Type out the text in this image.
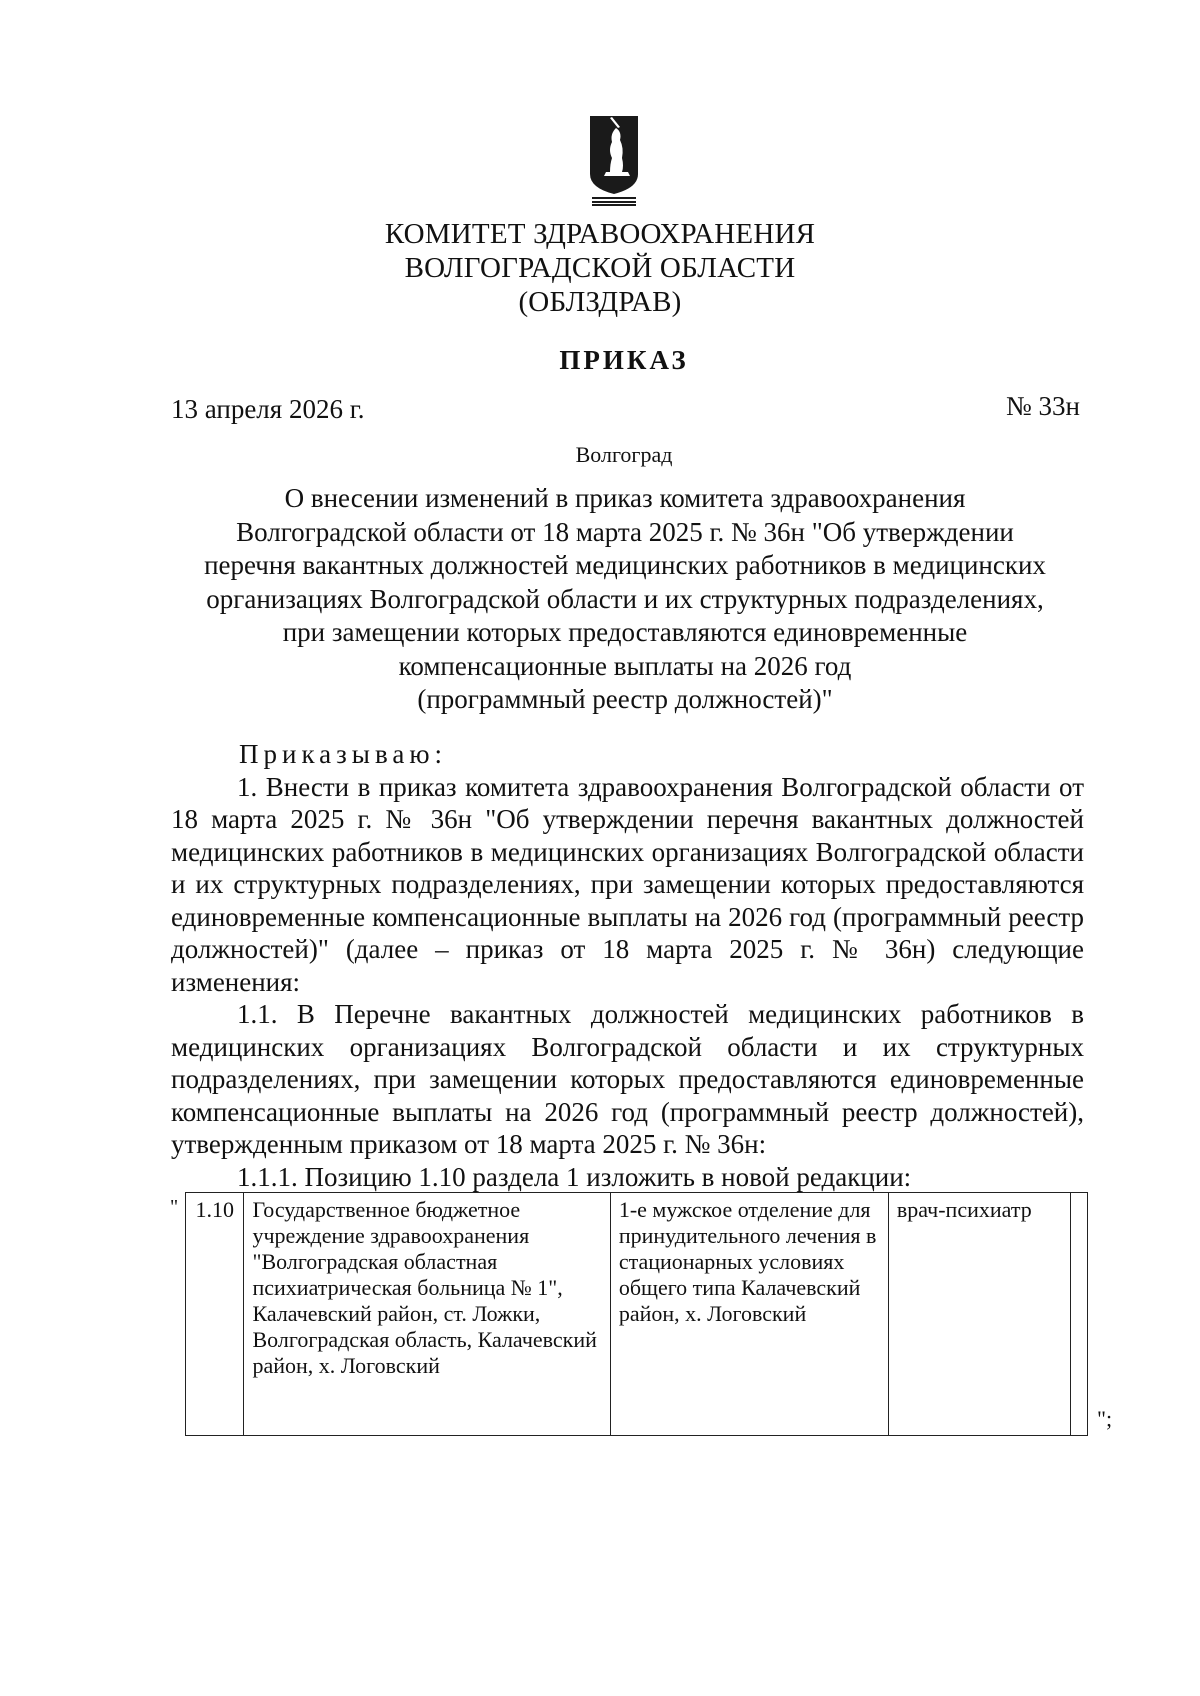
КОМИТЕТ ЗДРАВООХРАНЕНИЯ
ВОЛГОГРАДСКОЙ ОБЛАСТИ
(ОБЛЗДРАВ)
ПРИКАЗ
13 апреля 2026 г.	№ 33н
Волгоград
О внесении изменений в приказ комитета здравоохранения
Волгоградской области от 18 марта 2025 г. № 36н "Об утверждении
перечня вакантных должностей медицинских работников в медицинских
организациях Волгоградской области и их структурных подразделениях,
при замещении которых предоставляются единовременные
компенсационные выплаты на 2026 год
(программный реестр должностей)"

Приказываю:

1. Внести в приказ комитета здравоохранения Волгоградской области от 18 марта 2025 г. № 36н "Об утверждении перечня вакантных должностей медицинских работников в медицинских организациях Волгоградской области и их структурных подразделениях, при замещении которых предоставляются единовременные компенсационные выплаты на 2026 год (программный реестр должностей)" (далее – приказ от 18 марта 2025 г. № 36н) следующие изменения:

1.1. В Перечне вакантных должностей медицинских работников в медицинских организациях Волгоградской области и их структурных подразделениях, при замещении которых предоставляются единовременные компенсационные выплаты на 2026 год (программный реестр должностей), утвержденным приказом от 18 марта 2025 г. № 36н:

1.1.1. Позицию 1.10 раздела 1 изложить в новой редакции:

" 1.10	Государственное бюджетное учреждение здравоохранения "Волгоградская областная психиатрическая больница № 1", Калачевский район, ст. Ложки, Волгоградская область, Калачевский район, х. Логовский	1-е мужское отделение для принудительного лечения в стационарных условиях общего типа Калачевский район, х. Логовский	врач-психиатр	
";
